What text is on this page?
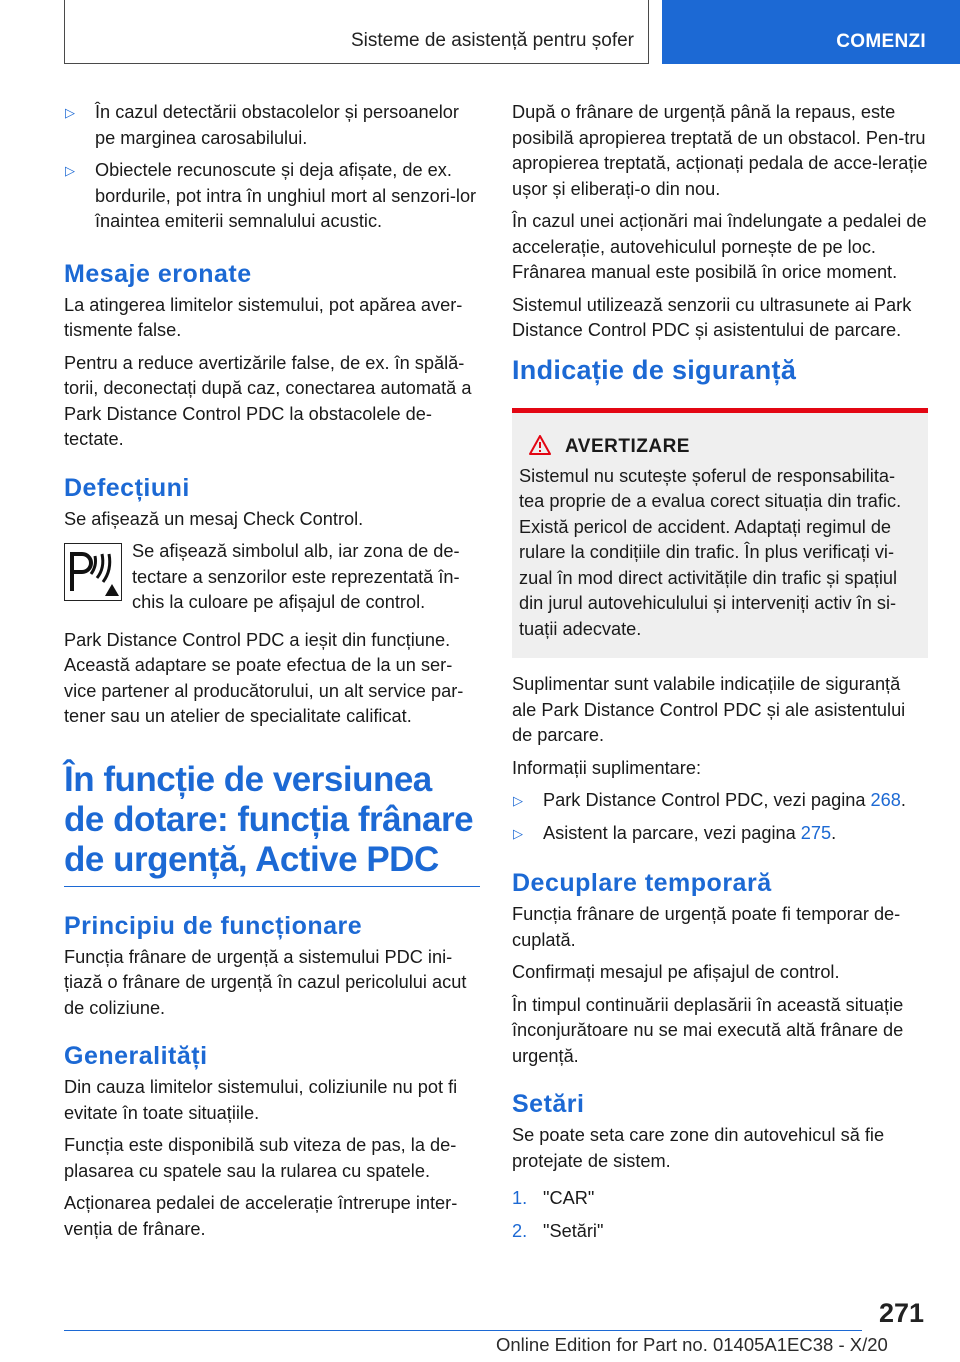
Sisteme de asistență pentru șofer	COMENZI
▷ În cazul detectării obstacolelor și persoanelor pe marginea carosabilului.
▷ Obiectele recunoscute și deja afișate, de ex. bordurile, pot intra în unghiul mort al senzori-lor înaintea emiterii semnalului acustic.
Mesaje eronate

La atingerea limitelor sistemului, pot apărea aver-tismente false.

Pentru a reduce avertizările false, de ex. în spălă-torii, deconectați după caz, conectarea automată a Park Distance Control PDC la obstacolele de-tectate.

Defecțiuni

Se afișează un mesaj Check Control.

Se afișează simbolul alb, iar zona de de-tectare a senzorilor este reprezentată în-chis la culoare pe afișajul de control.

Park Distance Control PDC a ieșit din funcțiune. Această adaptare se poate efectua de la un ser-vice partener al producătorului, un alt service par-tener sau un atelier de specialitate calificat.

În funcție de versiunea de dotare: funcția frânare de urgență, Active PDC
Principiu de funcționare

Funcția frânare de urgență a sistemului PDC ini-țiază o frânare de urgență în cazul pericolului acut de coliziune.

Generalități

Din cauza limitelor sistemului, coliziunile nu pot fi evitate în toate situațiile.

Funcția este disponibilă sub viteza de pas, la de-plasarea cu spatele sau la rularea cu spatele.

Acționarea pedalei de accelerație întrerupe inter-venția de frânare.

După o frânare de urgență până la repaus, este posibilă apropierea treptată de un obstacol. Pen-tru apropierea treptată, acționați pedala de acce-lerație ușor și eliberați-o din nou.

În cazul unei acționări mai îndelungate a pedalei de accelerație, autovehiculul pornește de pe loc. Frânarea manual este posibilă în orice moment.

Sistemul utilizează senzorii cu ultrasunete ai Park Distance Control PDC și asistentului de parcare.

Indicație de siguranță
AVERTIZARE

Sistemul nu scutește șoferul de responsabilita-tea proprie de a evalua corect situația din trafic. Există pericol de accident. Adaptați regimul de rulare la condițiile din trafic. În plus verificați vi-zual în mod direct activitățile din trafic și spațiul din jurul autovehiculului și interveniți activ în si-tuații adecvate.

Suplimentar sunt valabile indicațiile de siguranță ale Park Distance Control PDC și ale asistentului de parcare.

Informații suplimentare:

▷ Park Distance Control PDC, vezi pagina 268.
▷ Asistent la parcare, vezi pagina 275.
Decuplare temporară

Funcția frânare de urgență poate fi temporar de-cuplată.

Confirmați mesajul pe afișajul de control.

În timpul continuării deplasării în această situație înconjurătoare nu se mai execută altă frânare de urgență.

Setări

Se poate seta care zone din autovehicul să fie protejate de sistem.

1. "CAR"
2. "Setări"
271
Online Edition for Part no. 01405A1EC38 - X/20
